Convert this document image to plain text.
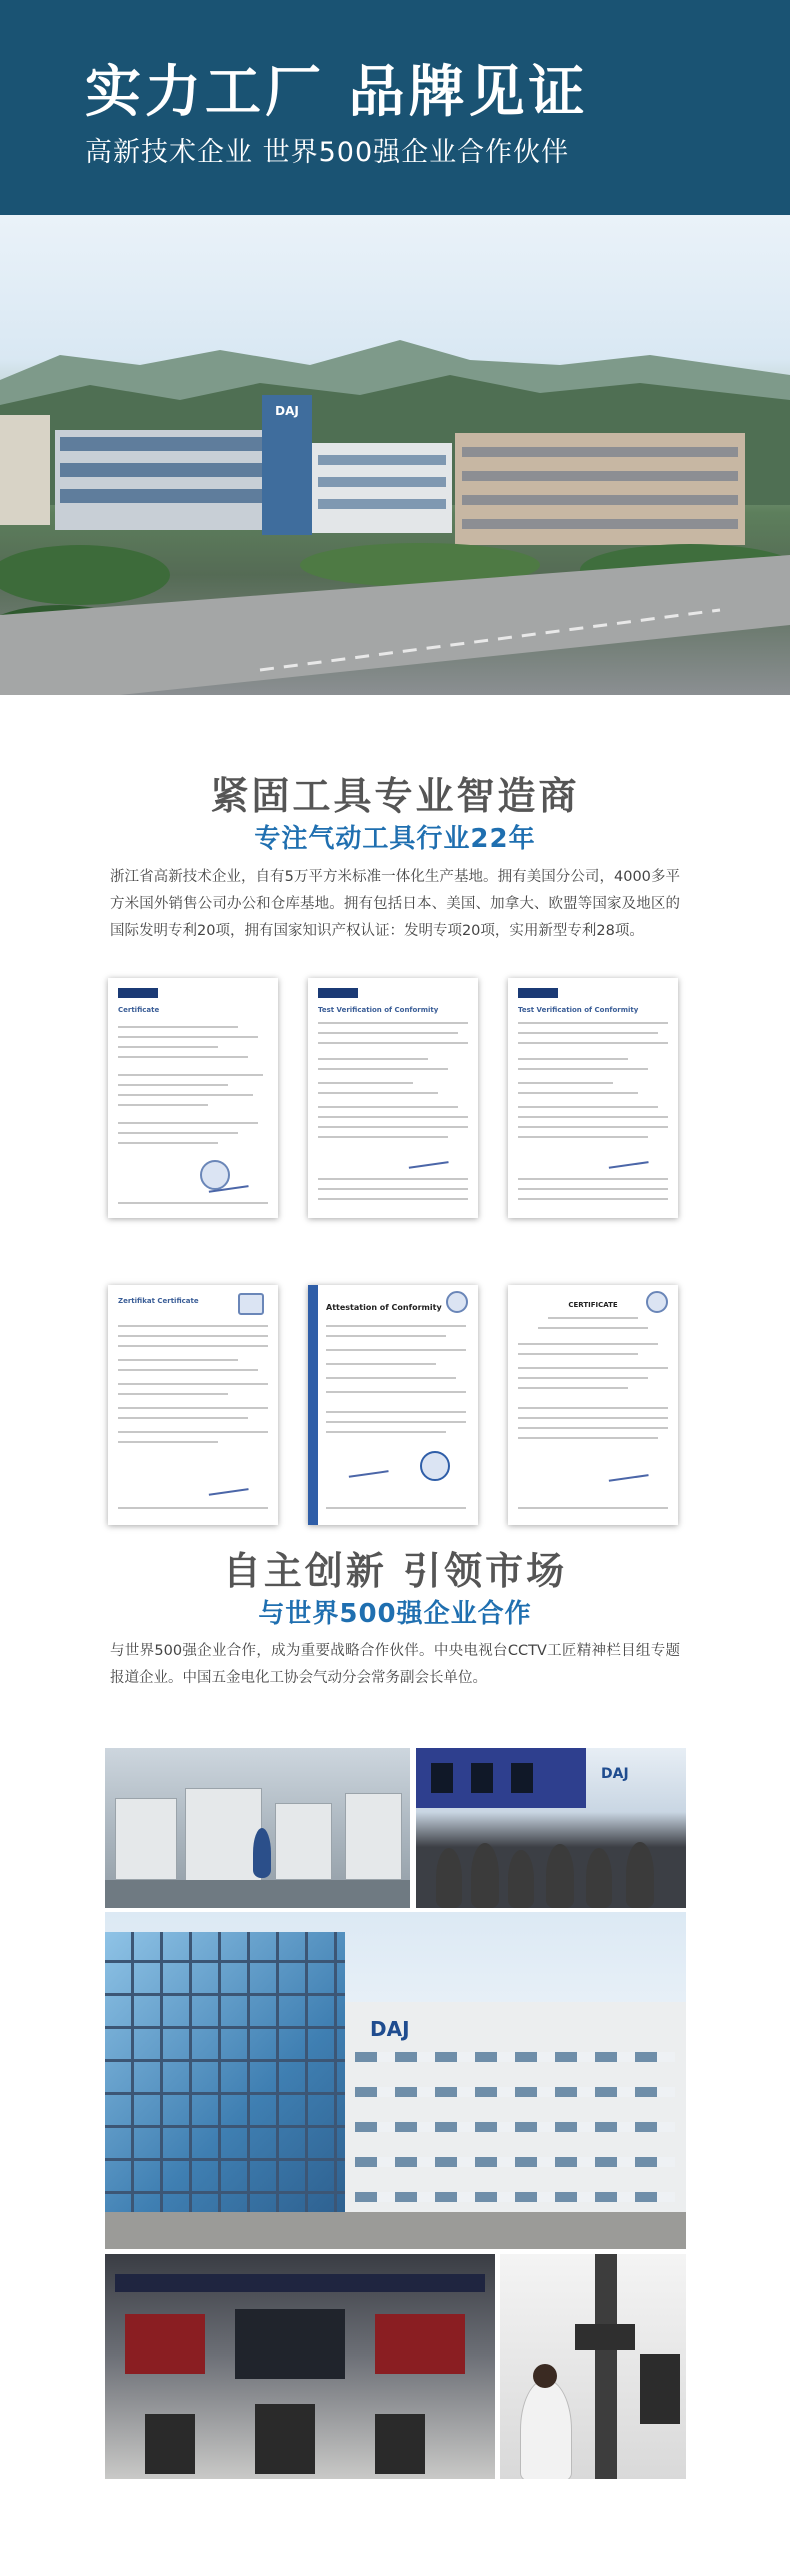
实力工厂 品牌见证
高新技术企业 世界500强企业合作伙伴
DAJ
紧固工具专业智造商
专注气动工具行业22年
浙江省高新技术企业，自有5万平方米标准一体化生产基地。拥有美国分公司，4000多平方米国外销售公司办公和仓库基地。拥有包括日本、美国、加拿大、欧盟等国家及地区的国际发明专利20项，拥有国家知识产权认证：发明专项20项，实用新型专利28项。
Certificate	Test Verification of Conformity	Test Verification of Conformity
Zertifikat Certificate
Attestation of Conformity	CERTIFICATE
自主创新 引领市场
与世界500强企业合作
与世界500强企业合作，成为重要战略合作伙伴。中央电视台CCTV工匠精神栏目组专题报道企业。中国五金电化工协会气动分会常务副会长单位。
DAJ
DAJ
